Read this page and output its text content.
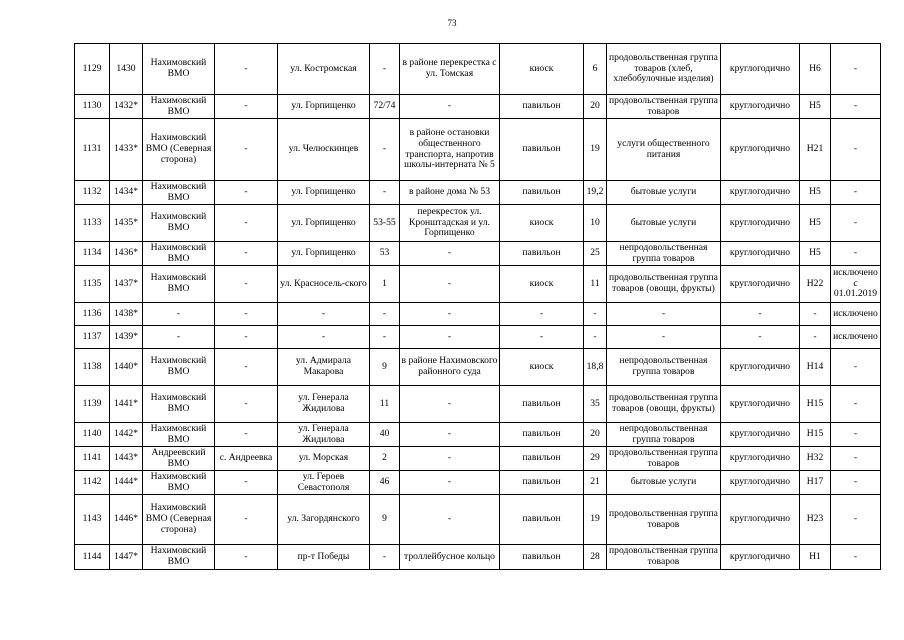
73
1129	1430	Нахимовский ВМО	-	ул. Костромская	-	в районе перекрестка с ул. Томская	киоск	6	продовольственная группа товаров (хлеб, хлебобулочные изделия)	круглогодично	Н6	-
1130	1432*	Нахимовский ВМО	-	ул. Горпищенко	72/74	-	павильон	20	продовольственная группа товаров	круглогодично	Н5	-
1131	1433*	Нахимовский ВМО (Северная сторона)	-	ул. Челюскинцев	-	в районе остановки общественного транспорта, напротив школы-интерната № 5	павильон	19	услуги общественного питания	круглогодично	Н21	-
1132	1434*	Нахимовский ВМО	-	ул. Горпищенко	-	в районе дома № 53	павильон	19,2	бытовые услуги	круглогодично	Н5	-
1133	1435*	Нахимовский ВМО	-	ул. Горпищенко	53-55	перекресток ул. Кронштадская и ул. Горпищенко	киоск	10	бытовые услуги	круглогодично	Н5	-
1134	1436*	Нахимовский ВМО	-	ул. Горпищенко	53	-	павильон	25	непродовольственная группа товаров	круглогодично	Н5	-
1135	1437*	Нахимовский ВМО	-	ул. Красносель-ского	1	-	киоск	11	продовольственная группа товаров (овощи, фрукты)	круглогодично	Н22	исключено с 01.01.2019
1136	1438*	-	-	-	-	-	-	-	-	-	-	исключено
1137	1439*	-	-	-	-	-	-	-	-	-	-	исключено
1138	1440*	Нахимовский ВМО	-	ул. Адмирала Макарова	9	в районе Нахимовского районного суда	киоск	18,8	непродовольственная группа товаров	круглогодично	Н14	-
1139	1441*	Нахимовский ВМО	-	ул. Генерала Жидилова	11	-	павильон	35	продовольственная группа товаров (овощи, фрукты)	круглогодично	Н15	-
1140	1442*	Нахимовский ВМО	-	ул. Генерала Жидилова	40	-	павильон	20	непродовольственная группа товаров	круглогодично	Н15	-
1141	1443*	Андреевский ВМО	с. Андреевка	ул. Морская	2	-	павильон	29	продовольственная группа товаров	круглогодично	Н32	-
1142	1444*	Нахимовский ВМО	-	ул. Героев Севастополя	46	-	павильон	21	бытовые услуги	круглогодично	Н17	-
1143	1446*	Нахимовский ВМО (Северная сторона)	-	ул. Загордянского	9	-	павильон	19	продовольственная группа товаров	круглогодично	Н23	-
1144	1447*	Нахимовский ВМО	-	пр-т Победы	-	троллейбусное кольцо	павильон	28	продовольственная группа товаров	круглогодично	Н1	-
